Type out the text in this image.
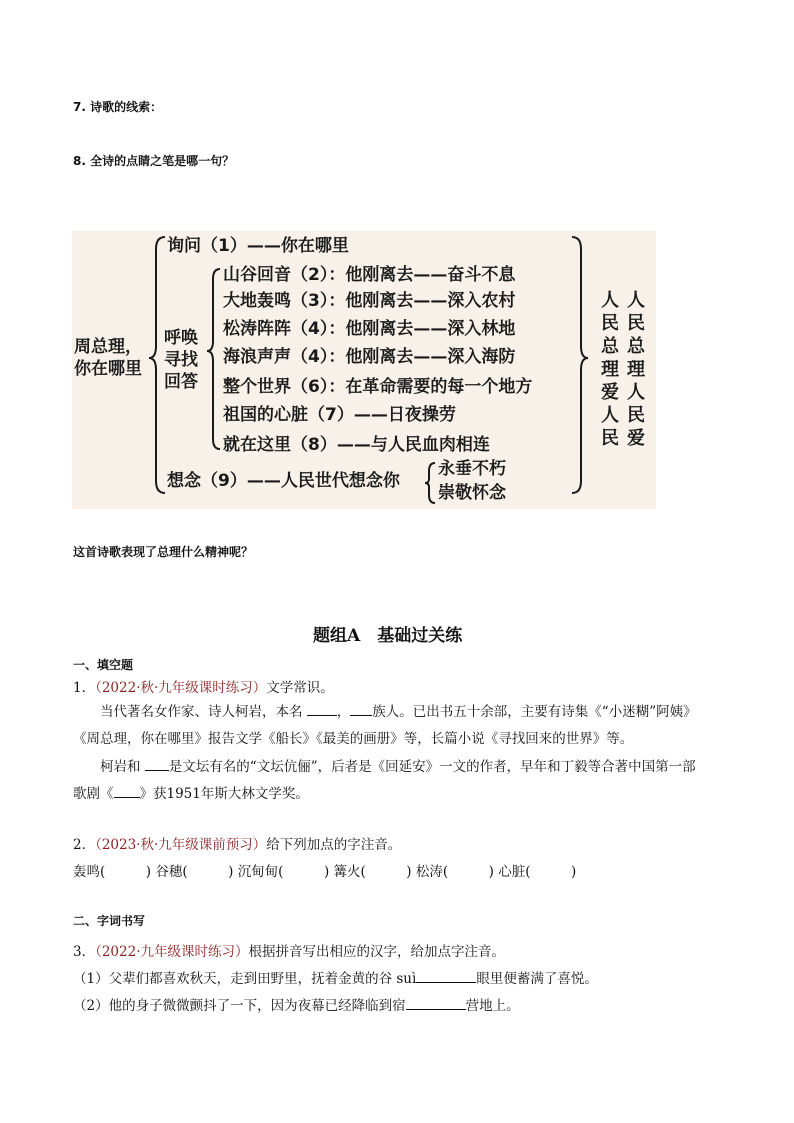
7. 诗歌的线索：
8. 全诗的点睛之笔是哪一句？
周总理，
你在哪里
呼唤
寻找
回答
询问（1）——你在哪里
山谷回音（2）：他刚离去——奋斗不息
大地轰鸣（3）：他刚离去——深入农村
松涛阵阵（4）：他刚离去——深入林地
海浪声声（4）：他刚离去——深入海防
整个世界（6）：在革命需要的每一个地方
祖国的心脏（7）——日夜操劳
就在这里（8）——与人民血肉相连
想念（9）——人民世代想念你
永垂不朽
崇敬怀念
人
民
总
理
爱
人
民
人
民
总
理
人
民
爱
这首诗歌表现了总理什么精神呢？
题组A　基础过关练
一、填空题
1．（2022·秋·九年级课时练习）文学常识。
当代著名女作家、诗人柯岩，本名	， 族人。已出书五十余部，主要有诗集《“小迷糊”阿姨》
《周总理，你在哪里》报告文学《船长》《最美的画册》等，长篇小说《寻找回来的世界》等。
柯岩和 是文坛有名的“文坛伉俪”，后者是《回延安》一文的作者，早年和丁毅等合著中国第一部
歌剧《 》获1951年斯大林文学奖。
2．（2023·秋·九年级课前预习）给下列加点的字注音。
轰鸣(　　　) 谷穗(　　　) 沉甸甸(　　　) 篝火(　　　) 松涛(　　　) 心脏(　　　)
二、字词书写
3．（2022·九年级课时练习）根据拼音写出相应的汉字，给加点字注音。
（1）父辈们都喜欢秋天，走到田野里，抚着金黄的谷 suì	眼里便蓄满了喜悦。
（2）他的身子微微颤抖了一下，因为夜幕已经降临到宿	营地上。
